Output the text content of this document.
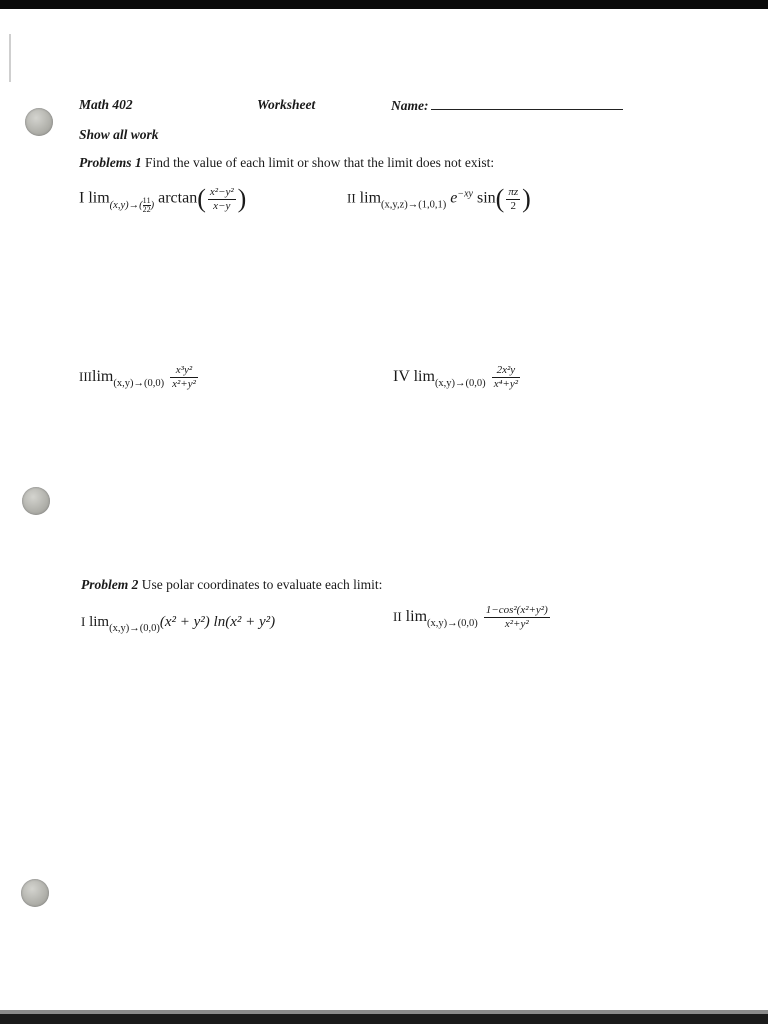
Math 402	Worksheet	Name:
Show all work
Problems 1 Find the value of each limit or show that the limit does not exist:
I $\lim_{(x,y)\to( \frac{1}{2} \frac{1}{2} )} \arctan( \frac{\text{x²−y²}}{x-y}$ )	II $\lim_{(x,y,z)\to(1,0,1)} e^{-xy}$ $\sin( \frac{\pi z}{2}$ )
$IIIlim_{(x,y)\to(0,0)} \frac{\text{x³y²}}{\text{x²+y²}}$	IV $\lim_{(x,y)\to(0,0)} \frac{\text{2x²y}}{\text{x⁴+y²}}$
Problem 2 Use polar coordinates to evaluate each limit:
I $\lim_{(x,y)\to(0,0)}(x^2 + y^2) \ln(x^2 + y^2)$	II $\lim_{(x,y)\to(0,0)} \frac{\text{1−cos²(x²+y²)}}{\text{x²+y²}}$
